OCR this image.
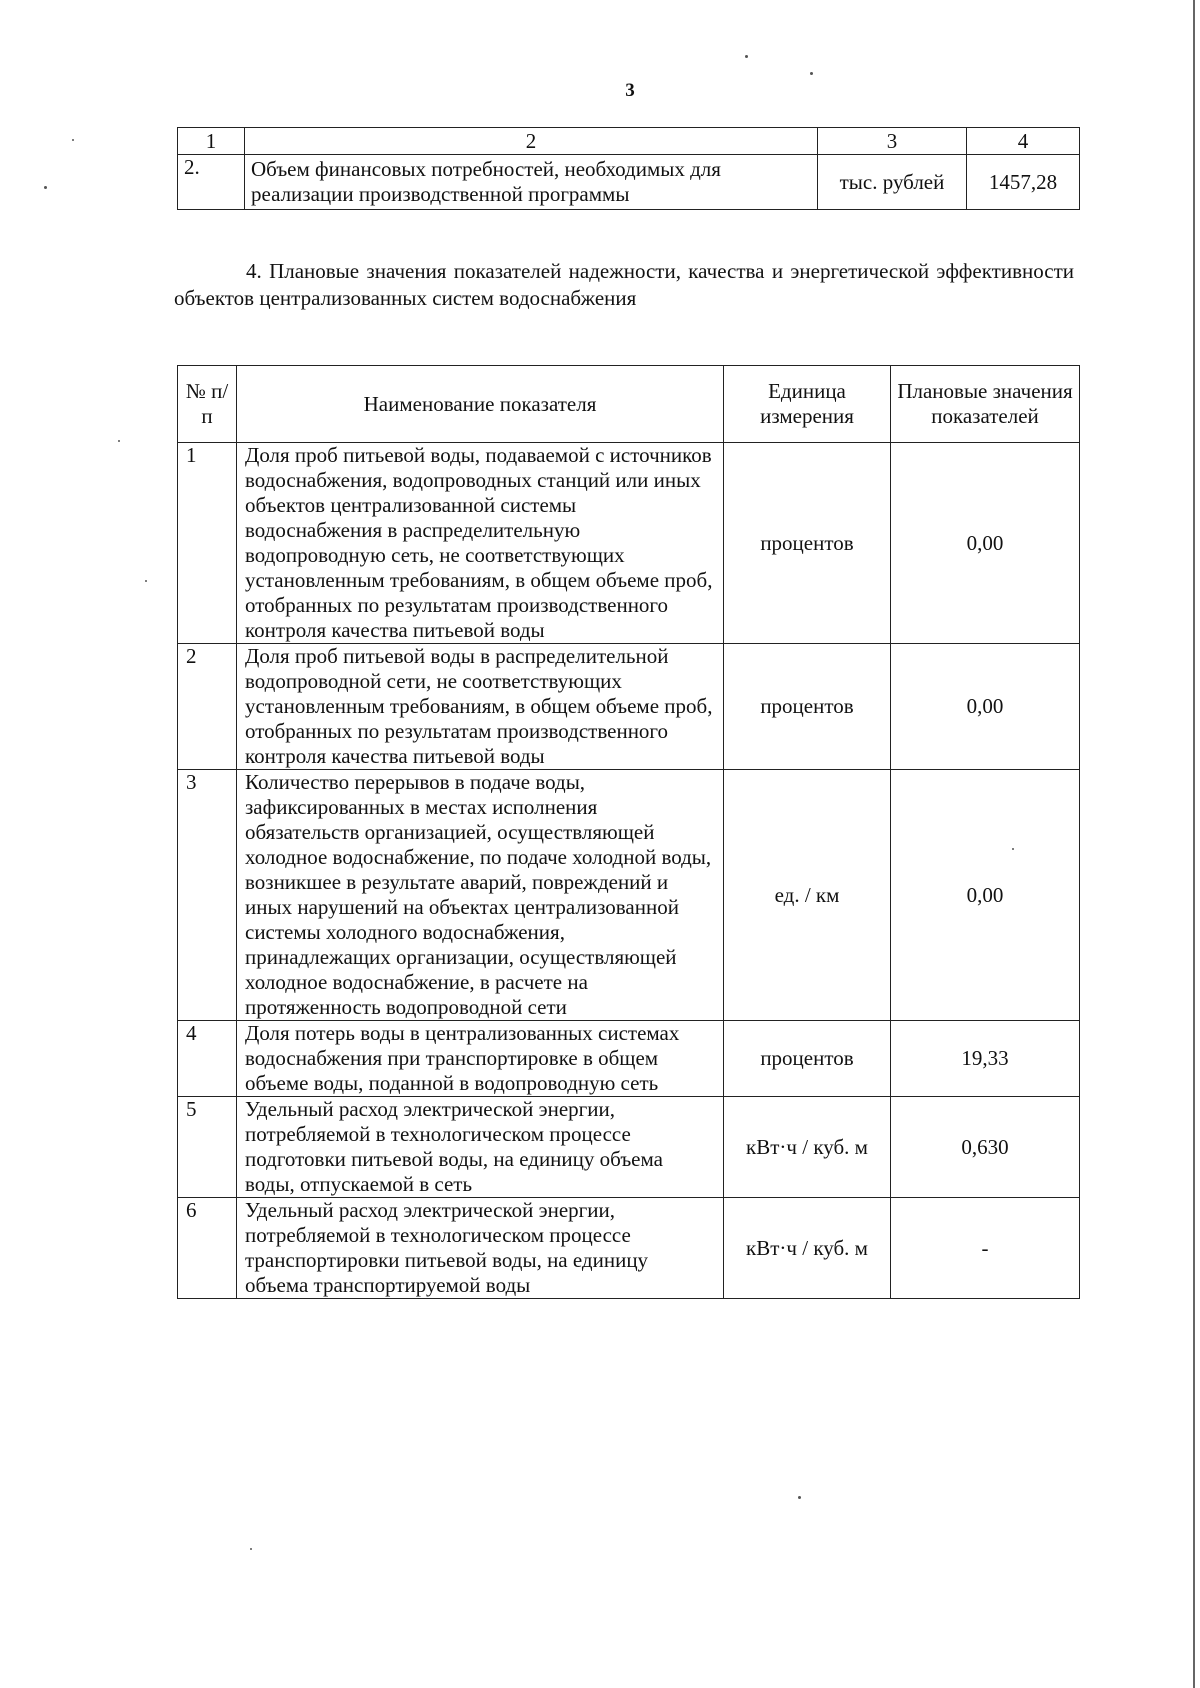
3
1	2	3	4
2.	Объем финансовых потребностей, необходимых для реализации производственной программы	тыс. рублей	1457,28
4. Плановые значения показателей надежности, качества и энергетической эффективности объектов централизованных систем водоснабжения
№ п/п	Наименование показателя	Единица измерения	Плановые значения показателей
1	Доля проб питьевой воды, подаваемой с источников водоснабжения, водопроводных станций или иных объектов централизованной системы водоснабжения в распределительную водопроводную сеть, не соответствующих установленным требованиям, в общем объеме проб, отобранных по результатам производственного контроля качества питьевой воды	процентов	0,00
2	Доля проб питьевой воды в распределительной водопроводной сети, не соответствующих установленным требованиям, в общем объеме проб, отобранных по результатам производственного контроля качества питьевой воды	процентов	0,00
3	Количество перерывов в подаче воды, зафиксированных в местах исполнения обязательств организацией, осуществляющей холодное водоснабжение, по подаче холодной воды, возникшее в результате аварий, повреждений и иных нарушений на объектах централизованной системы холодного водоснабжения, принадлежащих организации, осуществляющей холодное водоснабжение, в расчете на протяженность водопроводной сети	ед. / км	0,00
4	Доля потерь воды в централизованных системах водоснабжения при транспортировке в общем объеме воды, поданной в водопроводную сеть	процентов	19,33
5	Удельный расход электрической энергии, потребляемой в технологическом процессе подготовки питьевой воды, на единицу объема воды, отпускаемой в сеть	кВт·ч / куб. м	0,630
6	Удельный расход электрической энергии, потребляемой в технологическом процессе транспортировки питьевой воды, на единицу объема транспортируемой воды	кВт·ч / куб. м	-
